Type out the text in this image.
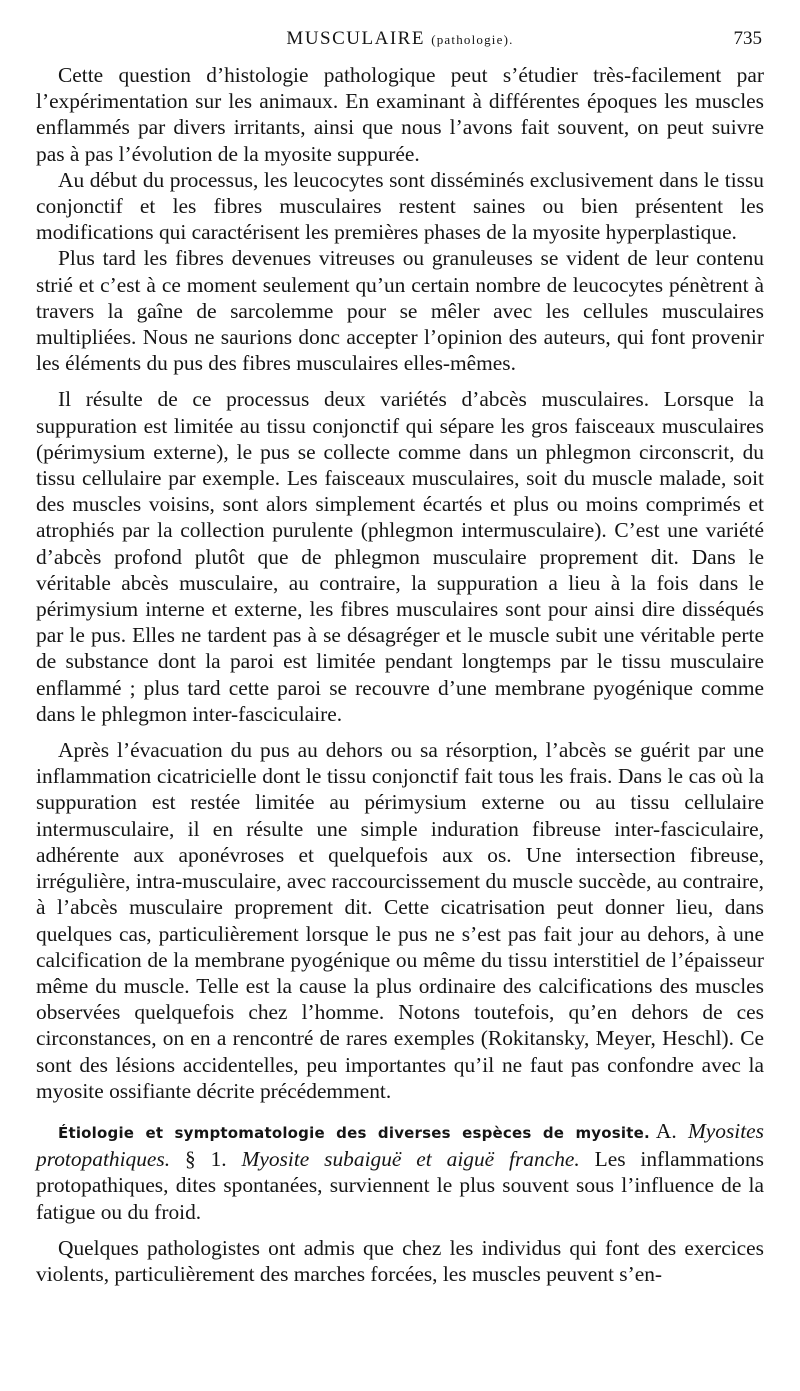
MUSCULAIRE (pathologie).	735

Cette question d’histologie pathologique peut s’étudier très-facilement par l’expérimentation sur les animaux. En examinant à différentes époques les muscles enflammés par divers irritants, ainsi que nous l’avons fait souvent, on peut suivre pas à pas l’évolution de la myosite suppurée.

Au début du processus, les leucocytes sont disséminés exclusivement dans le tissu conjonctif et les fibres musculaires restent saines ou bien présentent les modifications qui caractérisent les premières phases de la myosite hyperplastique.

Plus tard les fibres devenues vitreuses ou granuleuses se vident de leur contenu strié et c’est à ce moment seulement qu’un certain nombre de leucocytes pénètrent à travers la gaîne de sarcolemme pour se mêler avec les cellules musculaires multipliées. Nous ne saurions donc accepter l’opinion des auteurs, qui font provenir les éléments du pus des fibres musculaires elles-mêmes.

Il résulte de ce processus deux variétés d’abcès musculaires. Lorsque la suppuration est limitée au tissu conjonctif qui sépare les gros faisceaux musculaires (périmysium externe), le pus se collecte comme dans un phlegmon circonscrit, du tissu cellulaire par exemple. Les faisceaux musculaires, soit du muscle malade, soit des muscles voisins, sont alors simplement écartés et plus ou moins comprimés et atrophiés par la collection purulente (phlegmon intermusculaire). C’est une variété d’abcès profond plutôt que de phlegmon musculaire proprement dit. Dans le véritable abcès musculaire, au contraire, la suppuration a lieu à la fois dans le périmysium interne et externe, les fibres musculaires sont pour ainsi dire disséqués par le pus. Elles ne tardent pas à se désagréger et le muscle subit une véritable perte de substance dont la paroi est limitée pendant longtemps par le tissu musculaire enflammé ; plus tard cette paroi se recouvre d’une membrane pyogénique comme dans le phlegmon inter-fasciculaire.

Après l’évacuation du pus au dehors ou sa résorption, l’abcès se guérit par une inflammation cicatricielle dont le tissu conjonctif fait tous les frais. Dans le cas où la suppuration est restée limitée au périmysium externe ou au tissu cellulaire intermusculaire, il en résulte une simple induration fibreuse inter-fasciculaire, adhérente aux aponévroses et quelquefois aux os. Une intersection fibreuse, irrégulière, intra-musculaire, avec raccourcissement du muscle succède, au contraire, à l’abcès musculaire proprement dit. Cette cicatrisation peut donner lieu, dans quelques cas, particulièrement lorsque le pus ne s’est pas fait jour au dehors, à une calcification de la membrane pyogénique ou même du tissu interstitiel de l’épaisseur même du muscle. Telle est la cause la plus ordinaire des calcifications des muscles observées quelquefois chez l’homme. Notons toutefois, qu’en dehors de ces circonstances, on en a rencontré de rares exemples (Rokitansky, Meyer, Heschl). Ce sont des lésions accidentelles, peu importantes qu’il ne faut pas confondre avec la myosite ossifiante décrite précédemment.

Étiologie et symptomatologie des diverses espèces de myosite. A. Myosites protopathiques. § 1. Myosite subaiguë et aiguë franche. Les inflammations protopathiques, dites spontanées, surviennent le plus souvent sous l’influence de la fatigue ou du froid.

Quelques pathologistes ont admis que chez les individus qui font des exercices violents, particulièrement des marches forcées, les muscles peuvent s’en-
